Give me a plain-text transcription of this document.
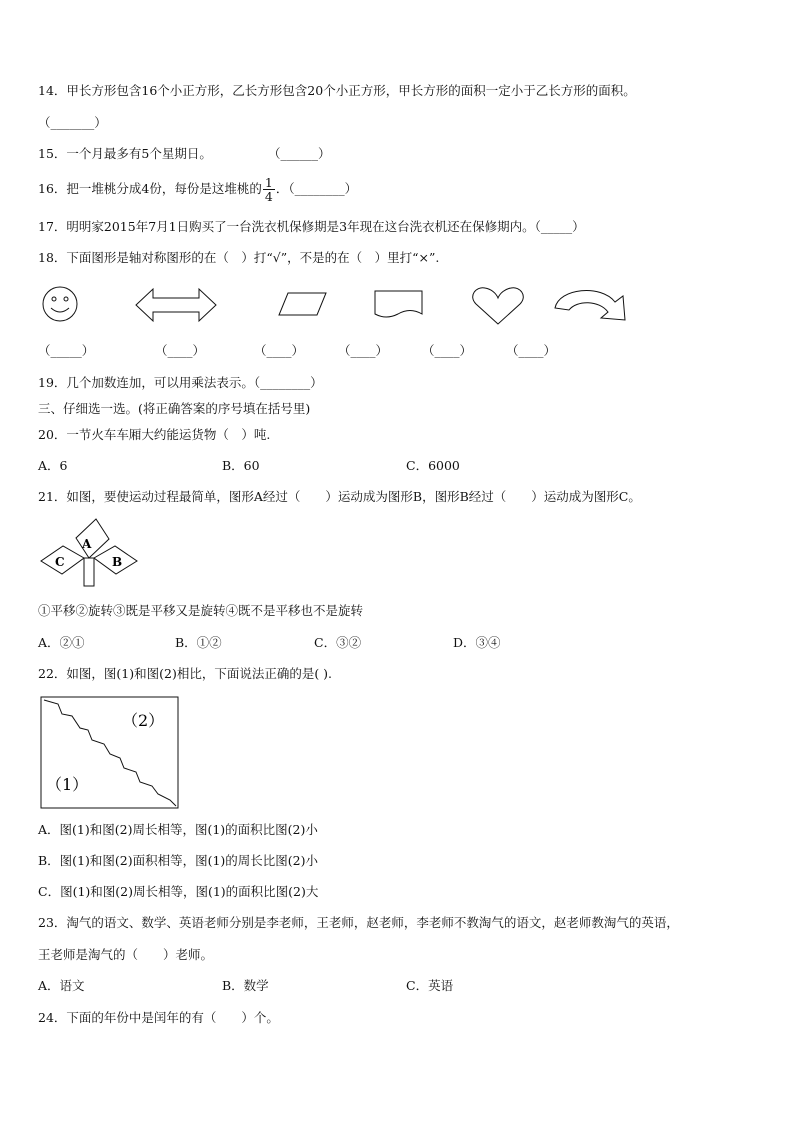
14．甲长方形包含16个小正方形，乙长方形包含20个小正方形，甲长方形的面积一定小于乙长方形的面积。
（_______）
15．一个月最多有5个星期日。	（______）
16．把一堆桃分成4份，每份是这堆桃的 $\frac{1}{4}$ ．（________）
17．明明家2015年7月1日购买了一台洗衣机保修期是3年现在这台洗衣机还在保修期内。（_____）
18．下面图形是轴对称图形的在（　）打“√”，不是的在（　）里打“×”.
（_____）	（____）	（____）	（____）	（____）	（____）
19．几个加数连加，可以用乘法表示。（________）
三、仔细选一选。(将正确答案的序号填在括号里)
20．一节火车车厢大约能运货物（　）吨.
A．6	B．60	C．6000
21．如图，要使运动过程最简单，图形A经过（　　）运动成为图形B，图形B经过（　　）运动成为图形C。
A
C	B
①平移②旋转③既是平移又是旋转④既不是平移也不是旋转
A．②①	B．①②	C．③②	D．③④
22．如图，图(1)和图(2)相比，下面说法正确的是( ).
（2）
（1）
A．图(1)和图(2)周长相等，图(1)的面积比图(2)小
B．图(1)和图(2)面积相等，图(1)的周长比图(2)小
C．图(1)和图(2)周长相等，图(1)的面积比图(2)大
23．淘气的语文、数学、英语老师分别是李老师，王老师，赵老师，李老师不教淘气的语文，赵老师教淘气的英语，
王老师是淘气的（　　）老师。
A．语文	B．数学	C．英语
24．下面的年份中是闰年的有（　　）个。
